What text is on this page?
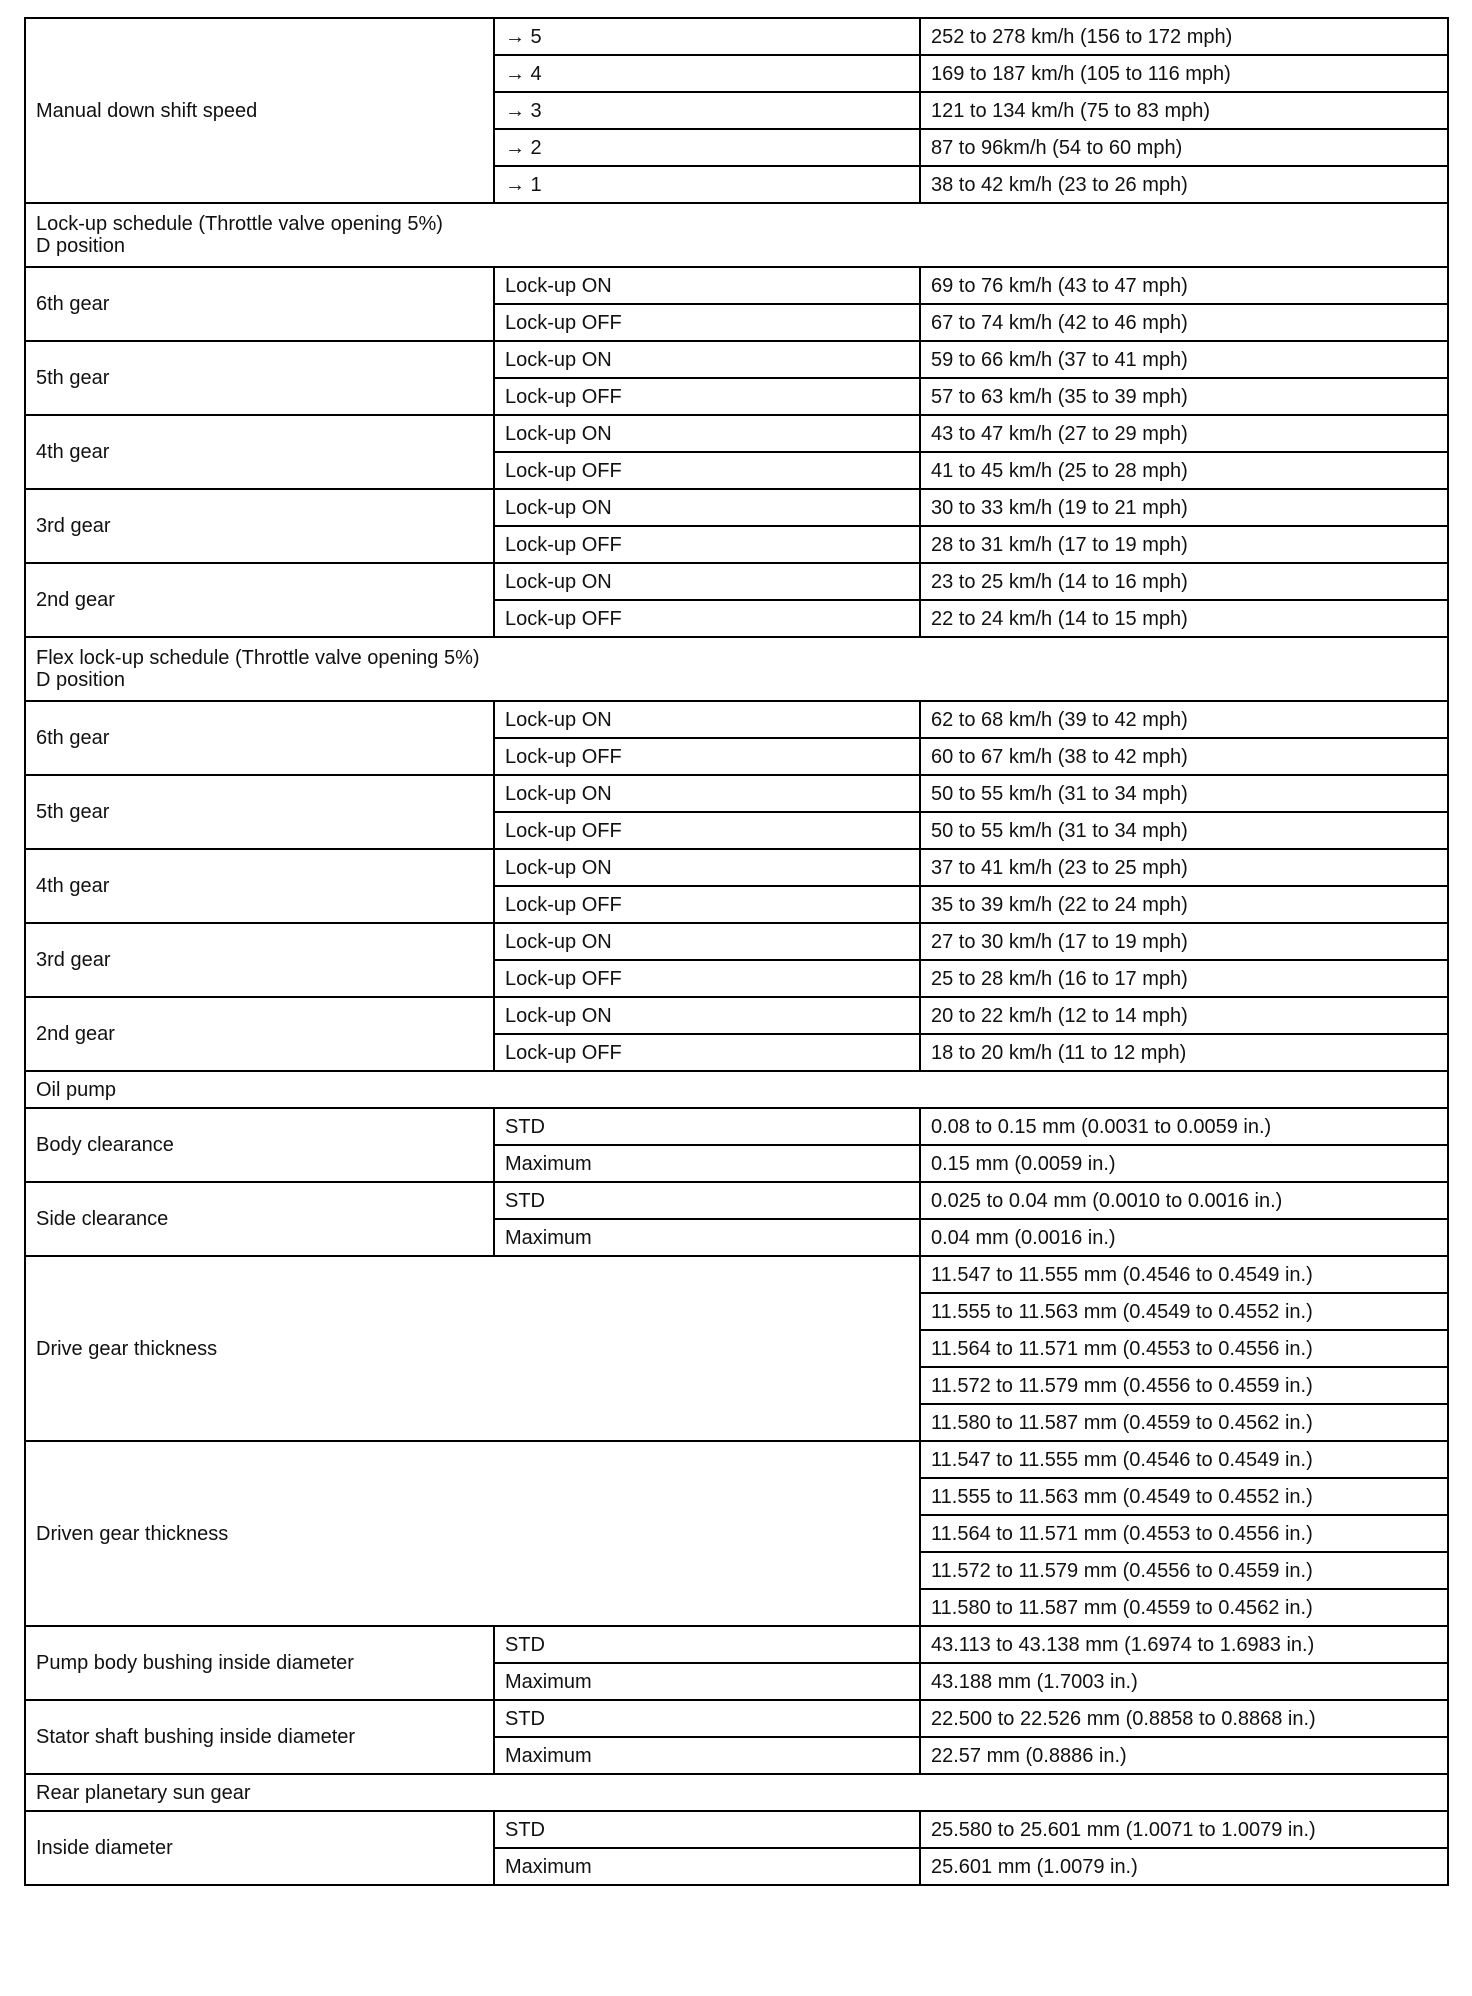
Manual down shift speed	→ 5	252 to 278 km/h (156 to 172 mph)
	→ 4	169 to 187 km/h (105 to 116 mph)
	→ 3	121 to 134 km/h (75 to 83 mph)
	→ 2	87 to 96km/h (54 to 60 mph)
	→ 1	38 to 42 km/h (23 to 26 mph)

Lock-up schedule (Throttle valve opening 5%)
D position		

6th gear	Lock-up ON	69 to 76 km/h (43 to 47 mph)
	Lock-up OFF	67 to 74 km/h (42 to 46 mph)
5th gear	Lock-up ON	59 to 66 km/h (37 to 41 mph)
	Lock-up OFF	57 to 63 km/h (35 to 39 mph)
4th gear	Lock-up ON	43 to 47 km/h (27 to 29 mph)
	Lock-up OFF	41 to 45 km/h (25 to 28 mph)
3rd gear	Lock-up ON	30 to 33 km/h (19 to 21 mph)
	Lock-up OFF	28 to 31 km/h (17 to 19 mph)
2nd gear	Lock-up ON	23 to 25 km/h (14 to 16 mph)
	Lock-up OFF	22 to 24 km/h (14 to 15 mph)

Flex lock-up schedule (Throttle valve opening 5%)
D position		

6th gear	Lock-up ON	62 to 68 km/h (39 to 42 mph)
	Lock-up OFF	60 to 67 km/h (38 to 42 mph)
5th gear	Lock-up ON	50 to 55 km/h (31 to 34 mph)
	Lock-up OFF	50 to 55 km/h (31 to 34 mph)
4th gear	Lock-up ON	37 to 41 km/h (23 to 25 mph)
	Lock-up OFF	35 to 39 km/h (22 to 24 mph)
3rd gear	Lock-up ON	27 to 30 km/h (17 to 19 mph)
	Lock-up OFF	25 to 28 km/h (16 to 17 mph)
2nd gear	Lock-up ON	20 to 22 km/h (12 to 14 mph)
	Lock-up OFF	18 to 20 km/h (11 to 12 mph)
Oil pump		
Body clearance	STD	0.08 to 0.15 mm (0.0031 to 0.0059 in.)
	Maximum	0.15 mm (0.0059 in.)
Side clearance	STD	0.025 to 0.04 mm (0.0010 to 0.0016 in.)
	Maximum	0.04 mm (0.0016 in.)
Drive gear thickness		11.547 to 11.555 mm (0.4546 to 0.4549 in.)
		11.555 to 11.563 mm (0.4549 to 0.4552 in.)
		11.564 to 11.571 mm (0.4553 to 0.4556 in.)
		11.572 to 11.579 mm (0.4556 to 0.4559 in.)
		11.580 to 11.587 mm (0.4559 to 0.4562 in.)
Driven gear thickness		11.547 to 11.555 mm (0.4546 to 0.4549 in.)
		11.555 to 11.563 mm (0.4549 to 0.4552 in.)
		11.564 to 11.571 mm (0.4553 to 0.4556 in.)
		11.572 to 11.579 mm (0.4556 to 0.4559 in.)
		11.580 to 11.587 mm (0.4559 to 0.4562 in.)
Pump body bushing inside diameter	STD	43.113 to 43.138 mm (1.6974 to 1.6983 in.)
	Maximum	43.188 mm (1.7003 in.)
Stator shaft bushing inside diameter	STD	22.500 to 22.526 mm (0.8858 to 0.8868 in.)
	Maximum	22.57 mm (0.8886 in.)
Rear planetary sun gear		
Inside diameter	STD	25.580 to 25.601 mm (1.0071 to 1.0079 in.)
	Maximum	25.601 mm (1.0079 in.)
